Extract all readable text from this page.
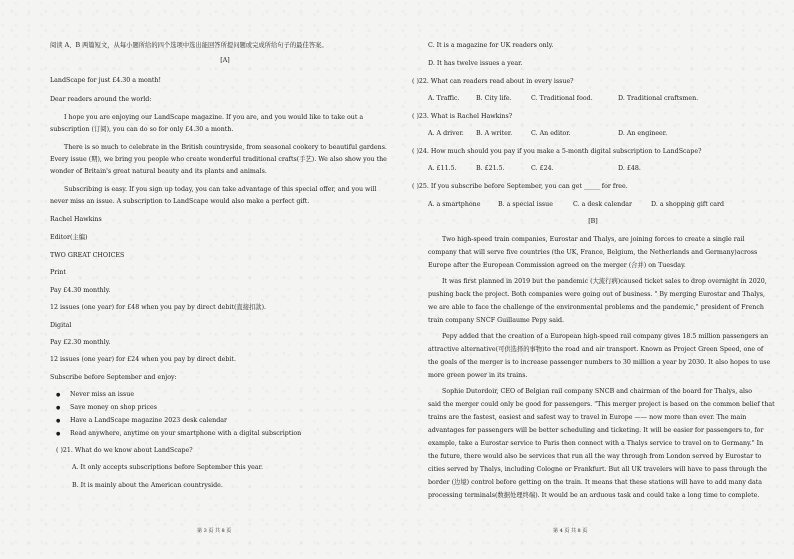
阅读 A、B 两篇短文，从每小题所给的四个选项中选出能回答所提问题或完成所给句子的最佳答案。
[A]
LandScape for just £4.30 a month!
Dear readers around the world:
I hope you are enjoying our LandScape magazine. If you are, and you would like to take out a
subscription (订阅), you can do so for only £4.30 a month.
There is so much to celebrate in the British countryside, from seasonal cookery to beautiful gardens.
Every issue (期), we bring you people who create wonderful traditional crafts(手艺). We also show you the
wonder of Britain's great natural beauty and its plants and animals.
Subscribing is easy. If you sign up today, you can take advantage of this special offer, and you will
never miss an issue. A subscription to LandScape would also make a perfect gift.
Rachel Hawkins
Editor(主编)
TWO GREAT CHOICES
Print
Pay £4.30 monthly.
12 issues (one year) for £48 when you pay by direct debit(直接扣款).
Digital
Pay £2.30 monthly.
12 issues (one year) for £24 when you pay by direct debit.
Subscribe before September and enjoy:
● Never miss an issue
● Save money on shop prices
● Have a LandScape magazine 2023 desk calendar
● Read anywhere, anytime on your smartphone with a digital subscription
( )21. What do we know about LandScape?
A. It only accepts subscriptions before September this year.
B. It is mainly about the American countryside.
第 3 页 共 8 页
C. It is a magazine for UK readers only.
D. It has twelve issues a year.
( )22. What can readers read about in every issue?
A. Traffic.	B. City life.	C. Traditional food.	D. Traditional craftsmen.
( )23. What is Rachel Hawkins?
A. A driver.	B. A writer.	C. An editor.	D. An engineer.
( )24. How much should you pay if you make a 5-month digital subscription to LandScape?
A. £11.5.	B. £21.5.	C. £24.	D. £48.
( )25. If you subscribe before September, you can get _____ for free.
A. a smartphone	B. a special issue	C. a desk calendar	D. a shopping gift card
[B]
Two high-speed train companies, Eurostar and Thalys, are joining forces to create a single rail
company that will serve five countries (the UK, France, Belgium, the Netherlands and Germany)across
Europe after the European Commission agreed on the merger (合并) on Tuesday.
It was first planned in 2019 but the pandemic (大流行病)caused ticket sales to drop overnight in 2020,
pushing back the project. Both companies were going out of business. " By merging Eurostar and Thalys,
we are able to face the challenge of the environmental problems and the pandemic," president of French
train company SNCF Guillaume Pepy said.
Pepy added that the creation of a European high-speed rail company gives 18.5 million passengers an
attractive alternative(可供选择的事物)to the road and air transport. Known as Project Green Speed, one of
the goals of the merger is to increase passenger numbers to 30 million a year by 2030. It also hopes to use
more green power in its trains.
Sophie Dutordoir, CEO of Belgian rail company SNCB and chairman of the board for Thalys, also
said the merger could only be good for passengers. "This merger project is based on the common belief that
trains are the fastest, easiest and safest way to travel in Europe —— now more than ever. The main
advantages for passengers will be better scheduling and ticketing. It will be easier for passengers to, for
example, take a Eurostar service to Paris then connect with a Thalys service to travel on to Germany." In
the future, there would also be services that run all the way through from London served by Eurostar to
cities served by Thalys, including Cologne or Frankfurt. But all UK travelers will have to pass through the
border (边境) control before getting on the train. It means that these stations will have to add many data
processing terminals(数据处理终端). It would be an arduous task and could take a long time to complete.
第 4 页 共 8 页
